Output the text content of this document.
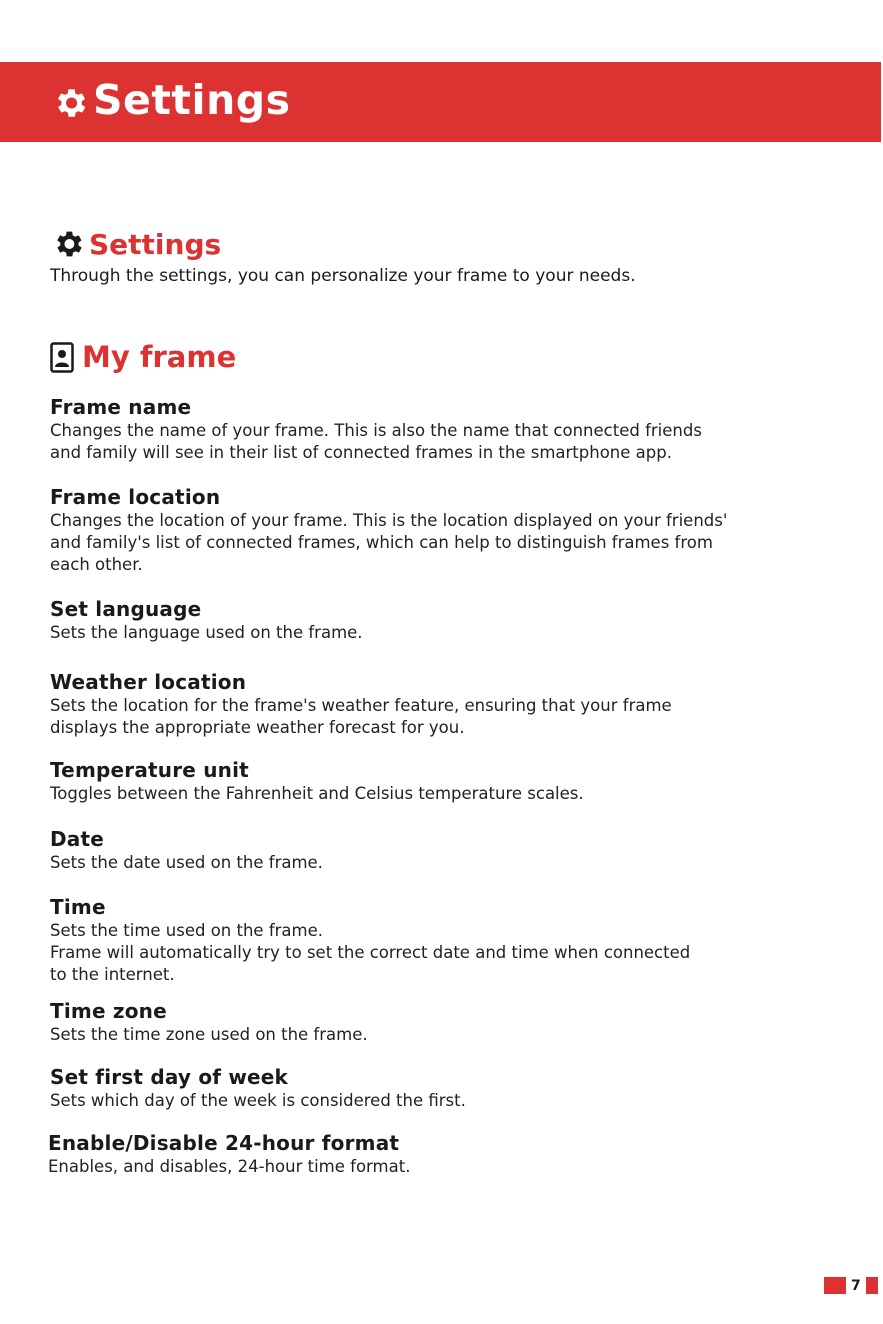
Settings
Settings
Through the settings, you can personalize your frame to your needs.
My frame
Frame name

Changes the name of your frame. This is also the name that connected friends

and family will see in their list of connected frames in the smartphone app.

Frame location

Changes the location of your frame. This is the location displayed on your friends'

and family's list of connected frames, which can help to distinguish frames from

each other.

Set language

Sets the language used on the frame.

Weather location

Sets the location for the frame's weather feature, ensuring that your frame

displays the appropriate weather forecast for you.

Temperature unit

Toggles between the Fahrenheit and Celsius temperature scales.

Date

Sets the date used on the frame.

Time

Sets the time used on the frame.

Frame will automatically try to set the correct date and time when connected

to the internet.

Time zone

Sets the time zone used on the frame.

Set first day of week

Sets which day of the week is considered the first.

Enable/Disable 24-hour format

Enables, and disables, 24-hour time format.

7
